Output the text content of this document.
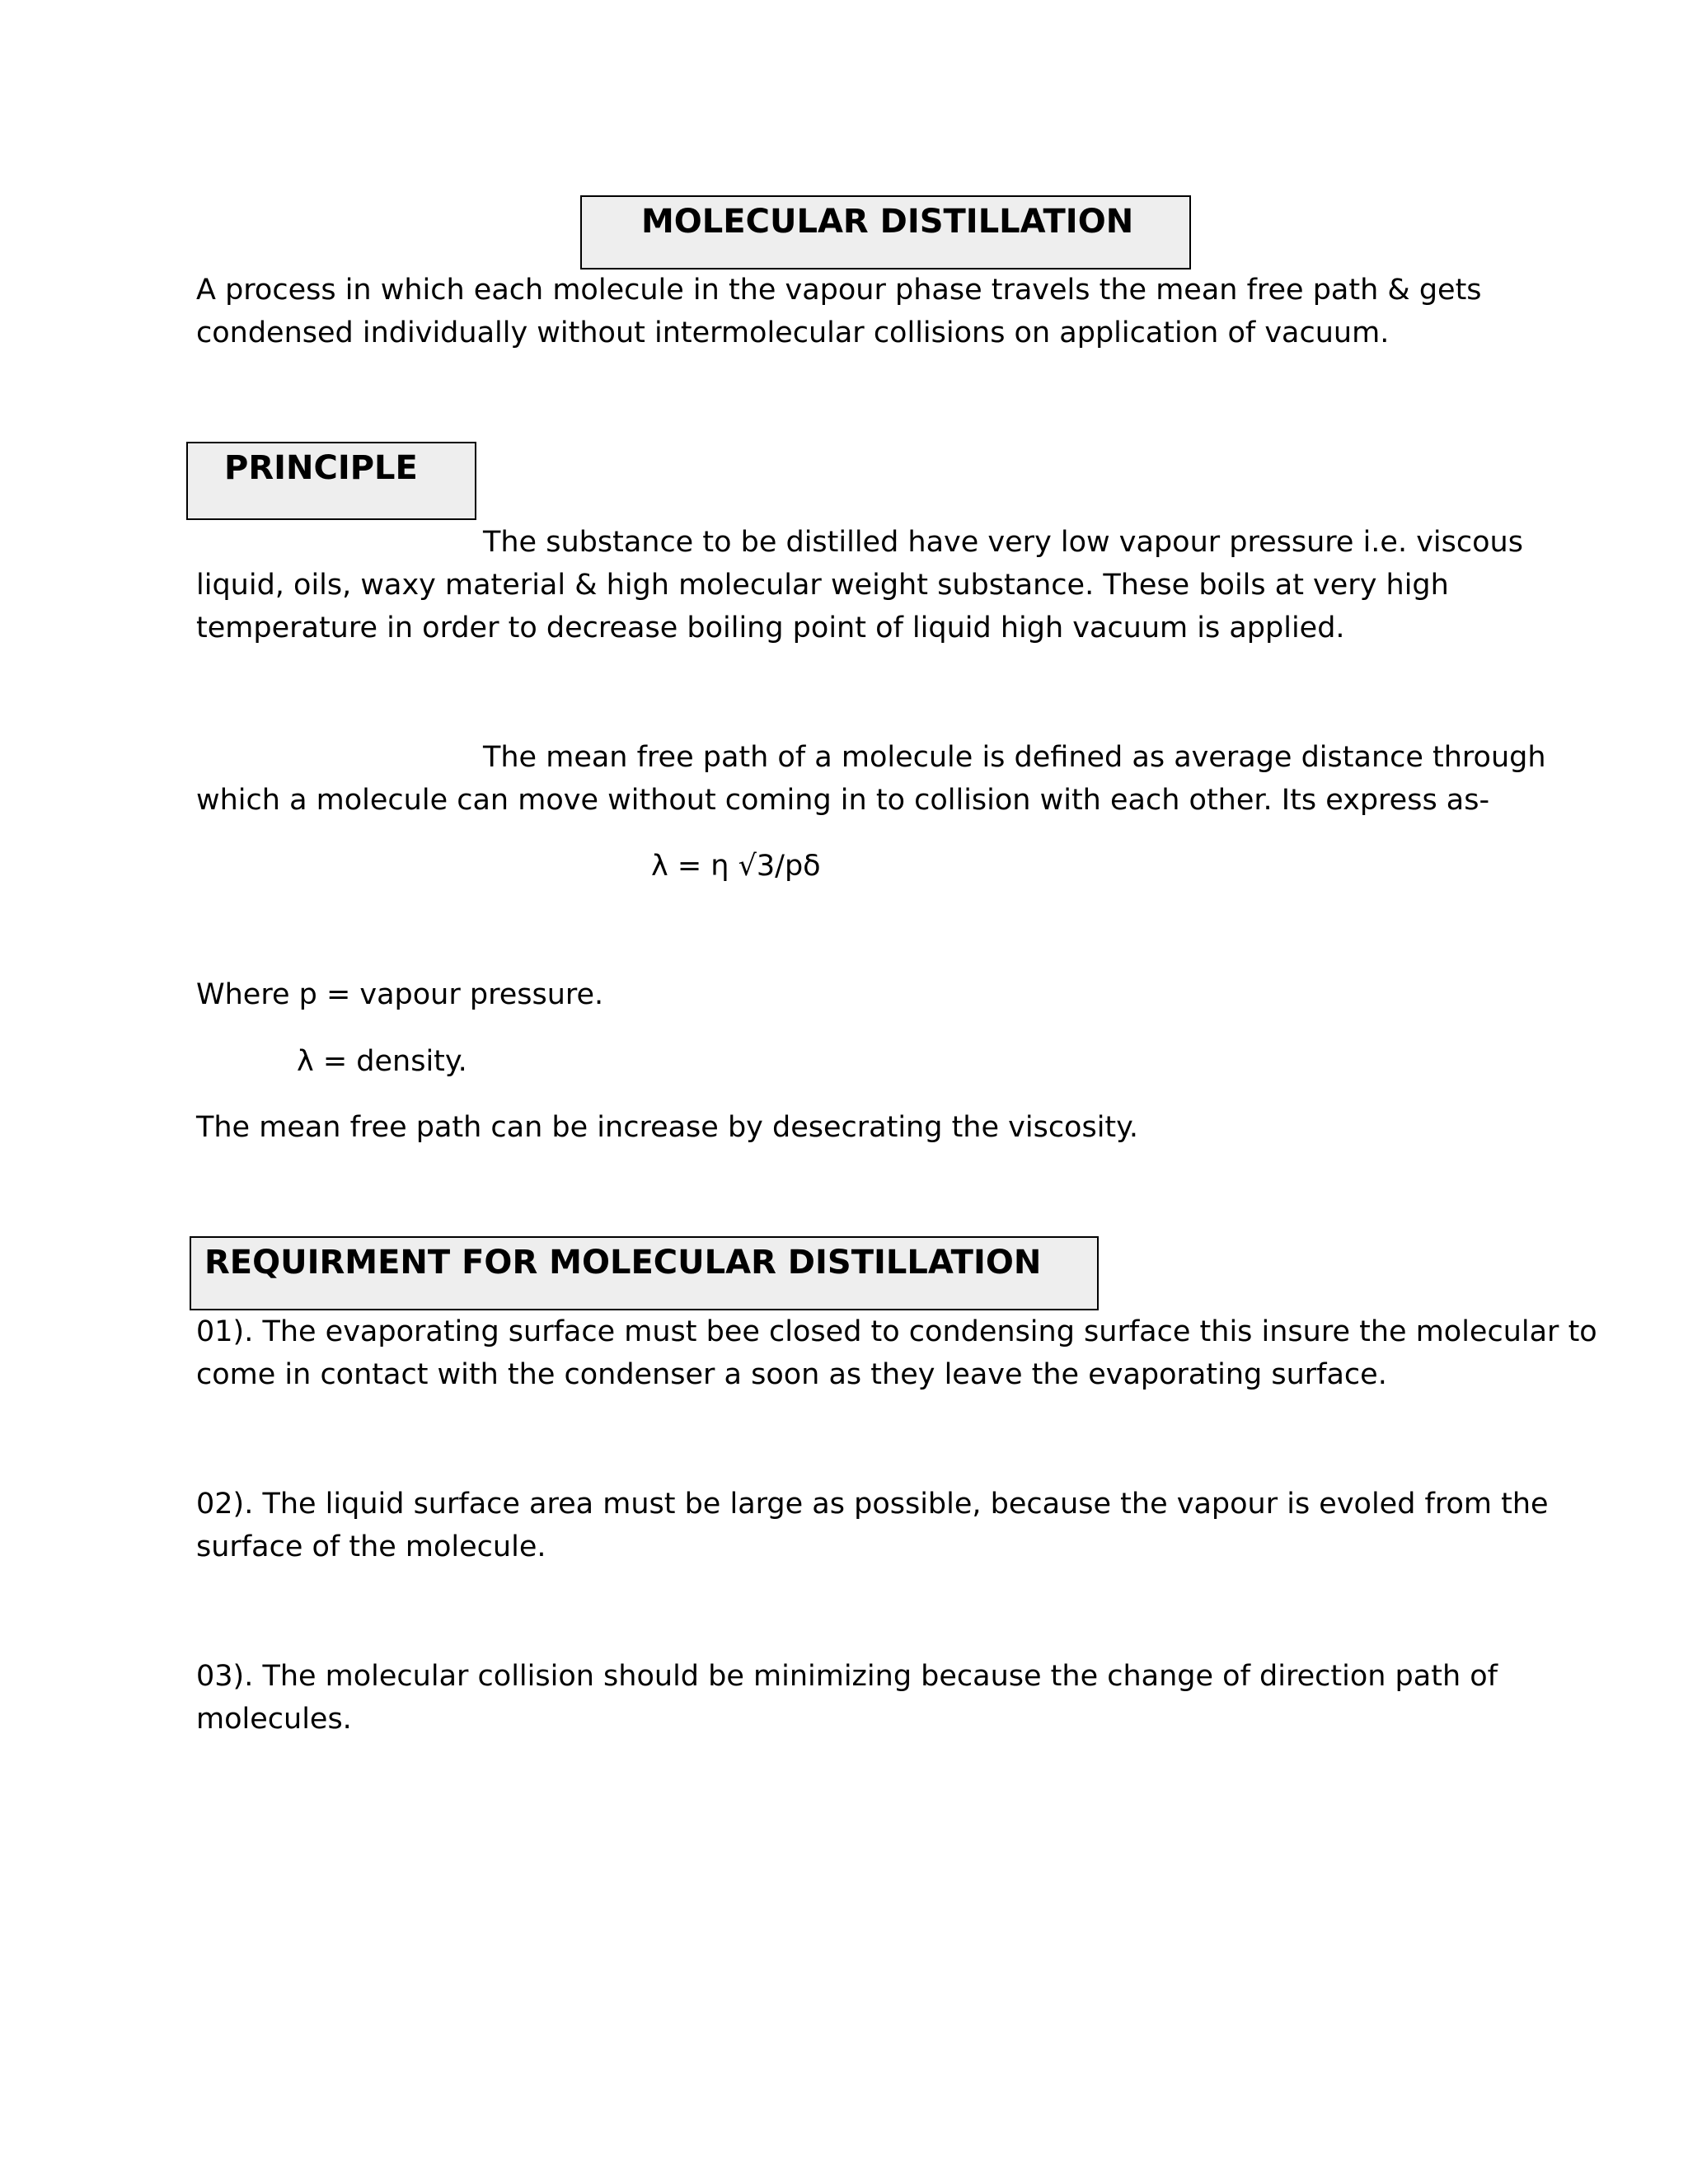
MOLECULAR DISTILLATION
A process in which each molecule in the vapour phase travels the mean free path & gets
condensed individually without intermolecular collisions on application of vacuum.
PRINCIPLE
The substance to be distilled have very low vapour pressure i.e. viscous
liquid, oils, waxy material & high molecular weight substance. These boils at very high
temperature in order to decrease boiling point of liquid high vacuum is applied.
The mean free path of a molecule is defined as average distance through
which a molecule can move without coming in to collision with each other. Its express as-
λ = η √3/pδ
Where p = vapour pressure.
λ = density.
The mean free path can be increase by desecrating the viscosity.
REQUIRMENT FOR MOLECULAR DISTILLATION
01). The evaporating surface must bee closed to condensing surface this insure the molecular to
come in contact with the condenser a soon as they leave the evaporating surface.
02). The liquid surface area must be large as possible, because the vapour is evoled from the
surface of the molecule.
03). The molecular collision should be minimizing because the change of direction path of
molecules.
